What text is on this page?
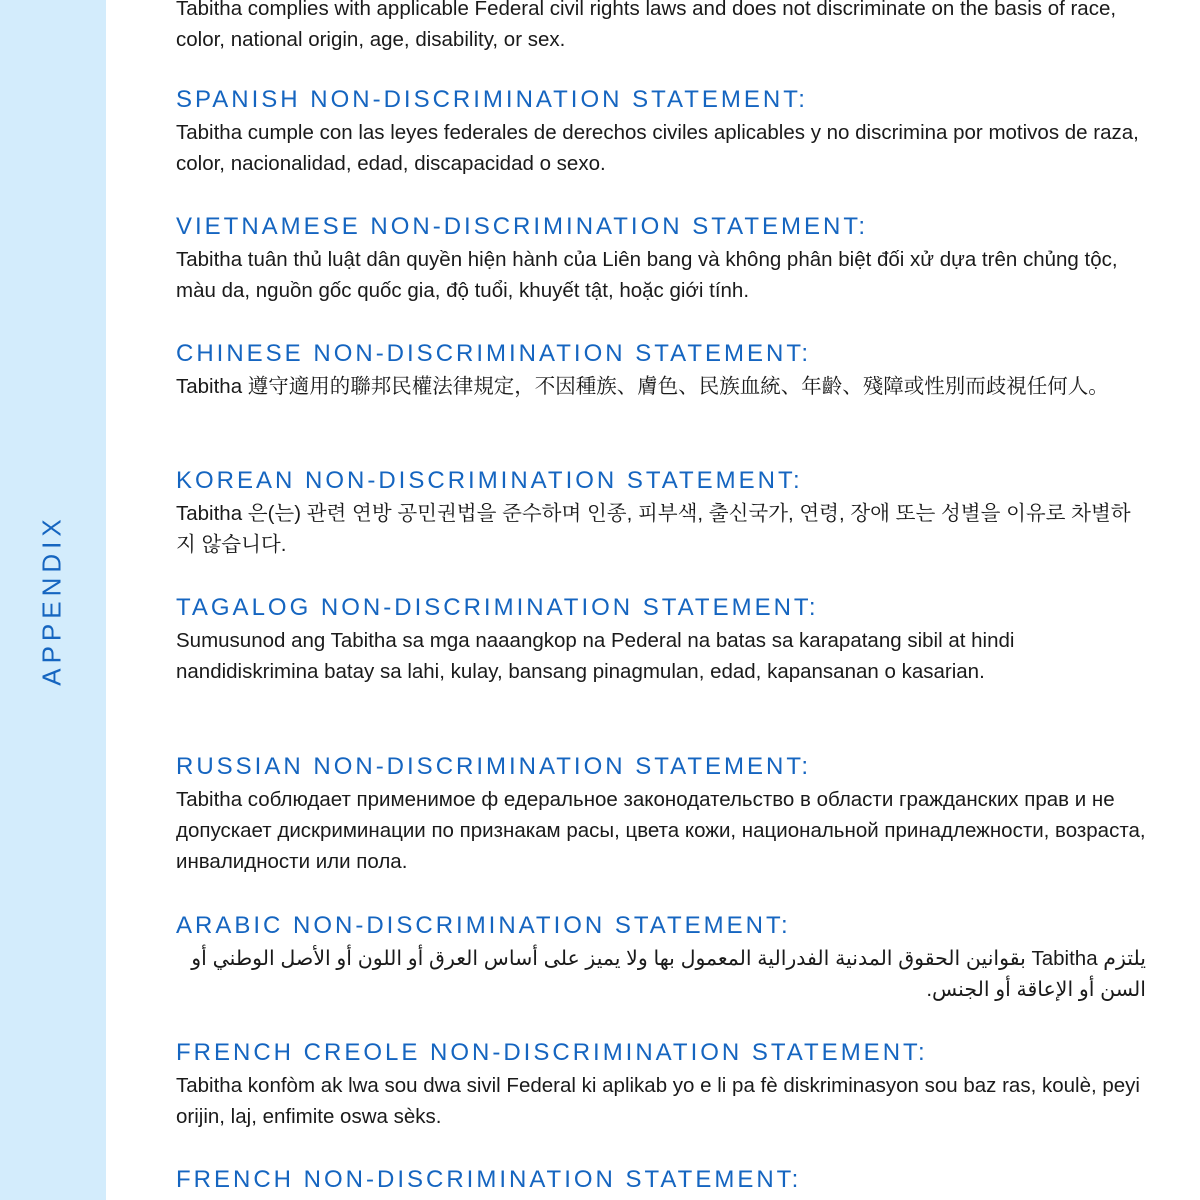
APPENDIX

Tabitha complies with applicable Federal civil rights laws and does not discriminate on the basis of race, color, national origin, age, disability, or sex.

SPANISH NON-DISCRIMINATION STATEMENT:

Tabitha cumple con las leyes federales de derechos civiles aplicables y no discrimina por motivos de raza, color, nacionalidad, edad, discapacidad o sexo.

VIETNAMESE NON-DISCRIMINATION STATEMENT:

Tabitha tuân thủ luật dân quyền hiện hành của Liên bang và không phân biệt đối xử dựa trên chủng tộc, màu da, nguồn gốc quốc gia, độ tuổi, khuyết tật, hoặc giới tính.

CHINESE NON-DISCRIMINATION STATEMENT:

Tabitha 遵守適用的聯邦民權法律規定，不因種族、膚色、民族血統、年齡、殘障或性別而歧視任何人。

KOREAN NON-DISCRIMINATION STATEMENT:

Tabitha 은(는) 관련 연방 공민권법을 준수하며 인종, 피부색, 출신국가, 연령, 장애 또는 성별을 이유로 차별하지 않습니다.

TAGALOG NON-DISCRIMINATION STATEMENT:

Sumusunod ang Tabitha sa mga naaangkop na Pederal na batas sa karapatang sibil at hindi nandidiskrimina batay sa lahi, kulay, bansang pinagmulan, edad, kapansanan o kasarian.

RUSSIAN NON-DISCRIMINATION STATEMENT:

Tabitha соблюдает применимое ф едеральное законодательство в области гражданских прав и не допускает дискриминации по признакам расы, цвета кожи, национальной принадлежности, возраста, инвалидности или пола.

ARABIC NON-DISCRIMINATION STATEMENT:

يلتزم Tabitha بقوانين الحقوق المدنية الفدرالية المعمول بها ولا يميز على أساس العرق أو اللون أو الأصل الوطني أو السن أو الإعاقة أو الجنس.

FRENCH CREOLE NON-DISCRIMINATION STATEMENT:

Tabitha konfòm ak lwa sou dwa sivil Federal ki aplikab yo e li pa fè diskriminasyon sou baz ras, koulè, peyi orijin, laj, enfimite oswa sèks.

FRENCH NON-DISCRIMINATION STATEMENT:
